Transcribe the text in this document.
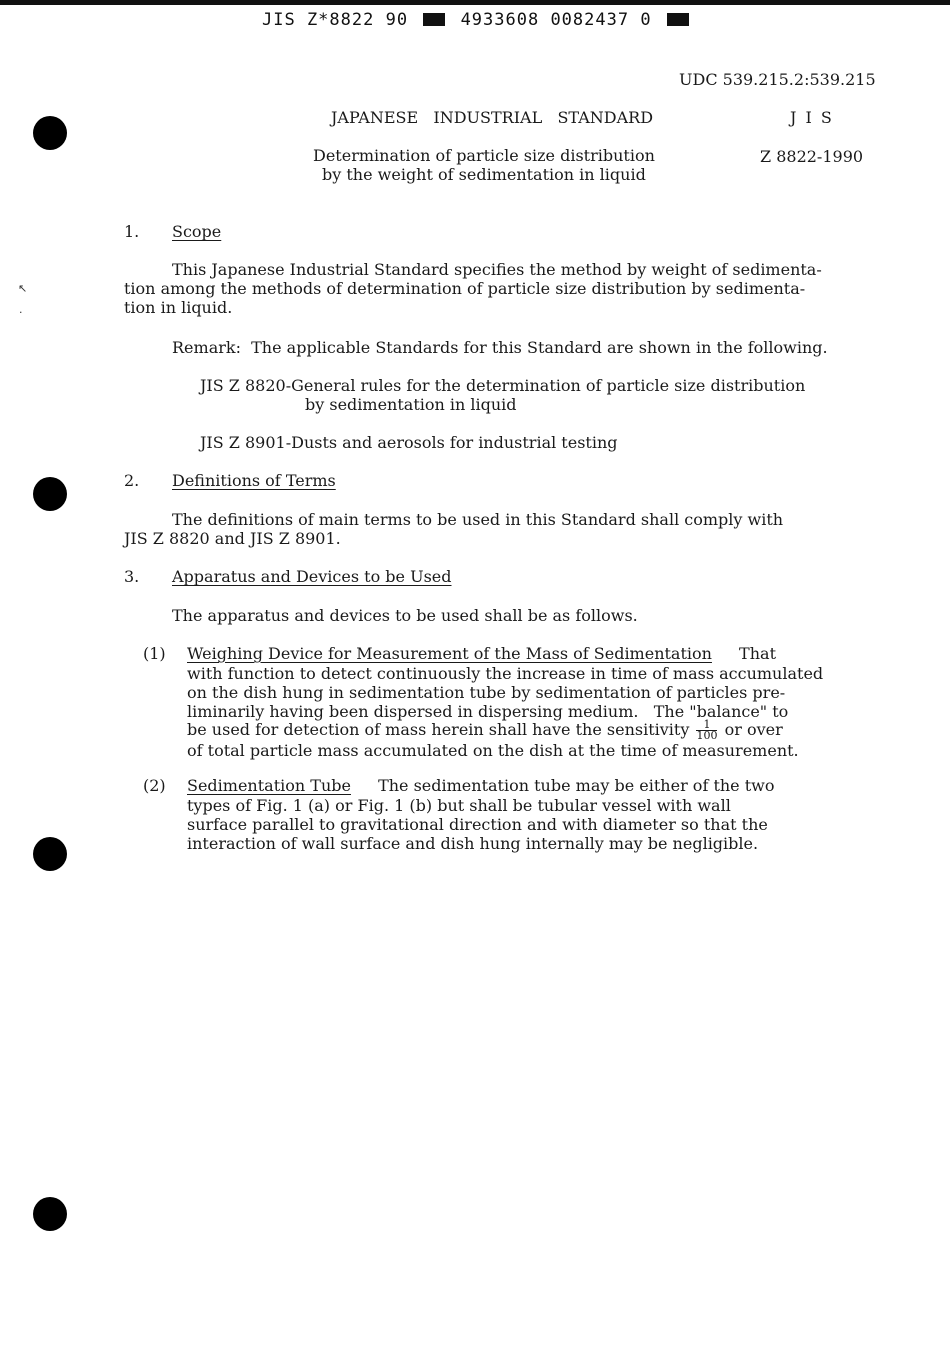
JIS Z*8822 90	4933608 0082437 0
↖
·
UDC 539.215.2:539.215
JAPANESE   INDUSTRIAL   STANDARD	J I S
Determination of particle size distribution
by the weight of sedimentation in liquid
Z 8822-1990
1. Scope
This Japanese Industrial Standard specifies the method by weight of sedimenta-
tion among the methods of determination of particle size distribution by sedimenta-
tion in liquid.
Remark:  The applicable Standards for this Standard are shown in the following.
JIS Z 8820-General rules for the determination of particle size distribution
by sedimentation in liquid
JIS Z 8901-Dusts and aerosols for industrial testing
2. Definitions of Terms
The definitions of main terms to be used in this Standard shall comply with
JIS Z 8820 and JIS Z 8901.
3. Apparatus and Devices to be Used
The apparatus and devices to be used shall be as follows.
(1) Weighing Device for Measurement of the Mass of Sedimentation That
with function to detect continuously the increase in time of mass accumulated
on the dish hung in sedimentation tube by sedimentation of particles pre-
liminarily having been dispersed in dispersing medium.   The "balance" to
be used for detection of mass herein shall have the sensitivity $\frac{1}{100}$ or over
of total particle mass accumulated on the dish at the time of measurement.
(2) Sedimentation Tube The sedimentation tube may be either of the two
types of Fig. 1 (a) or Fig. 1 (b) but shall be tubular vessel with wall
surface parallel to gravitational direction and with diameter so that the
interaction of wall surface and dish hung internally may be negligible.
